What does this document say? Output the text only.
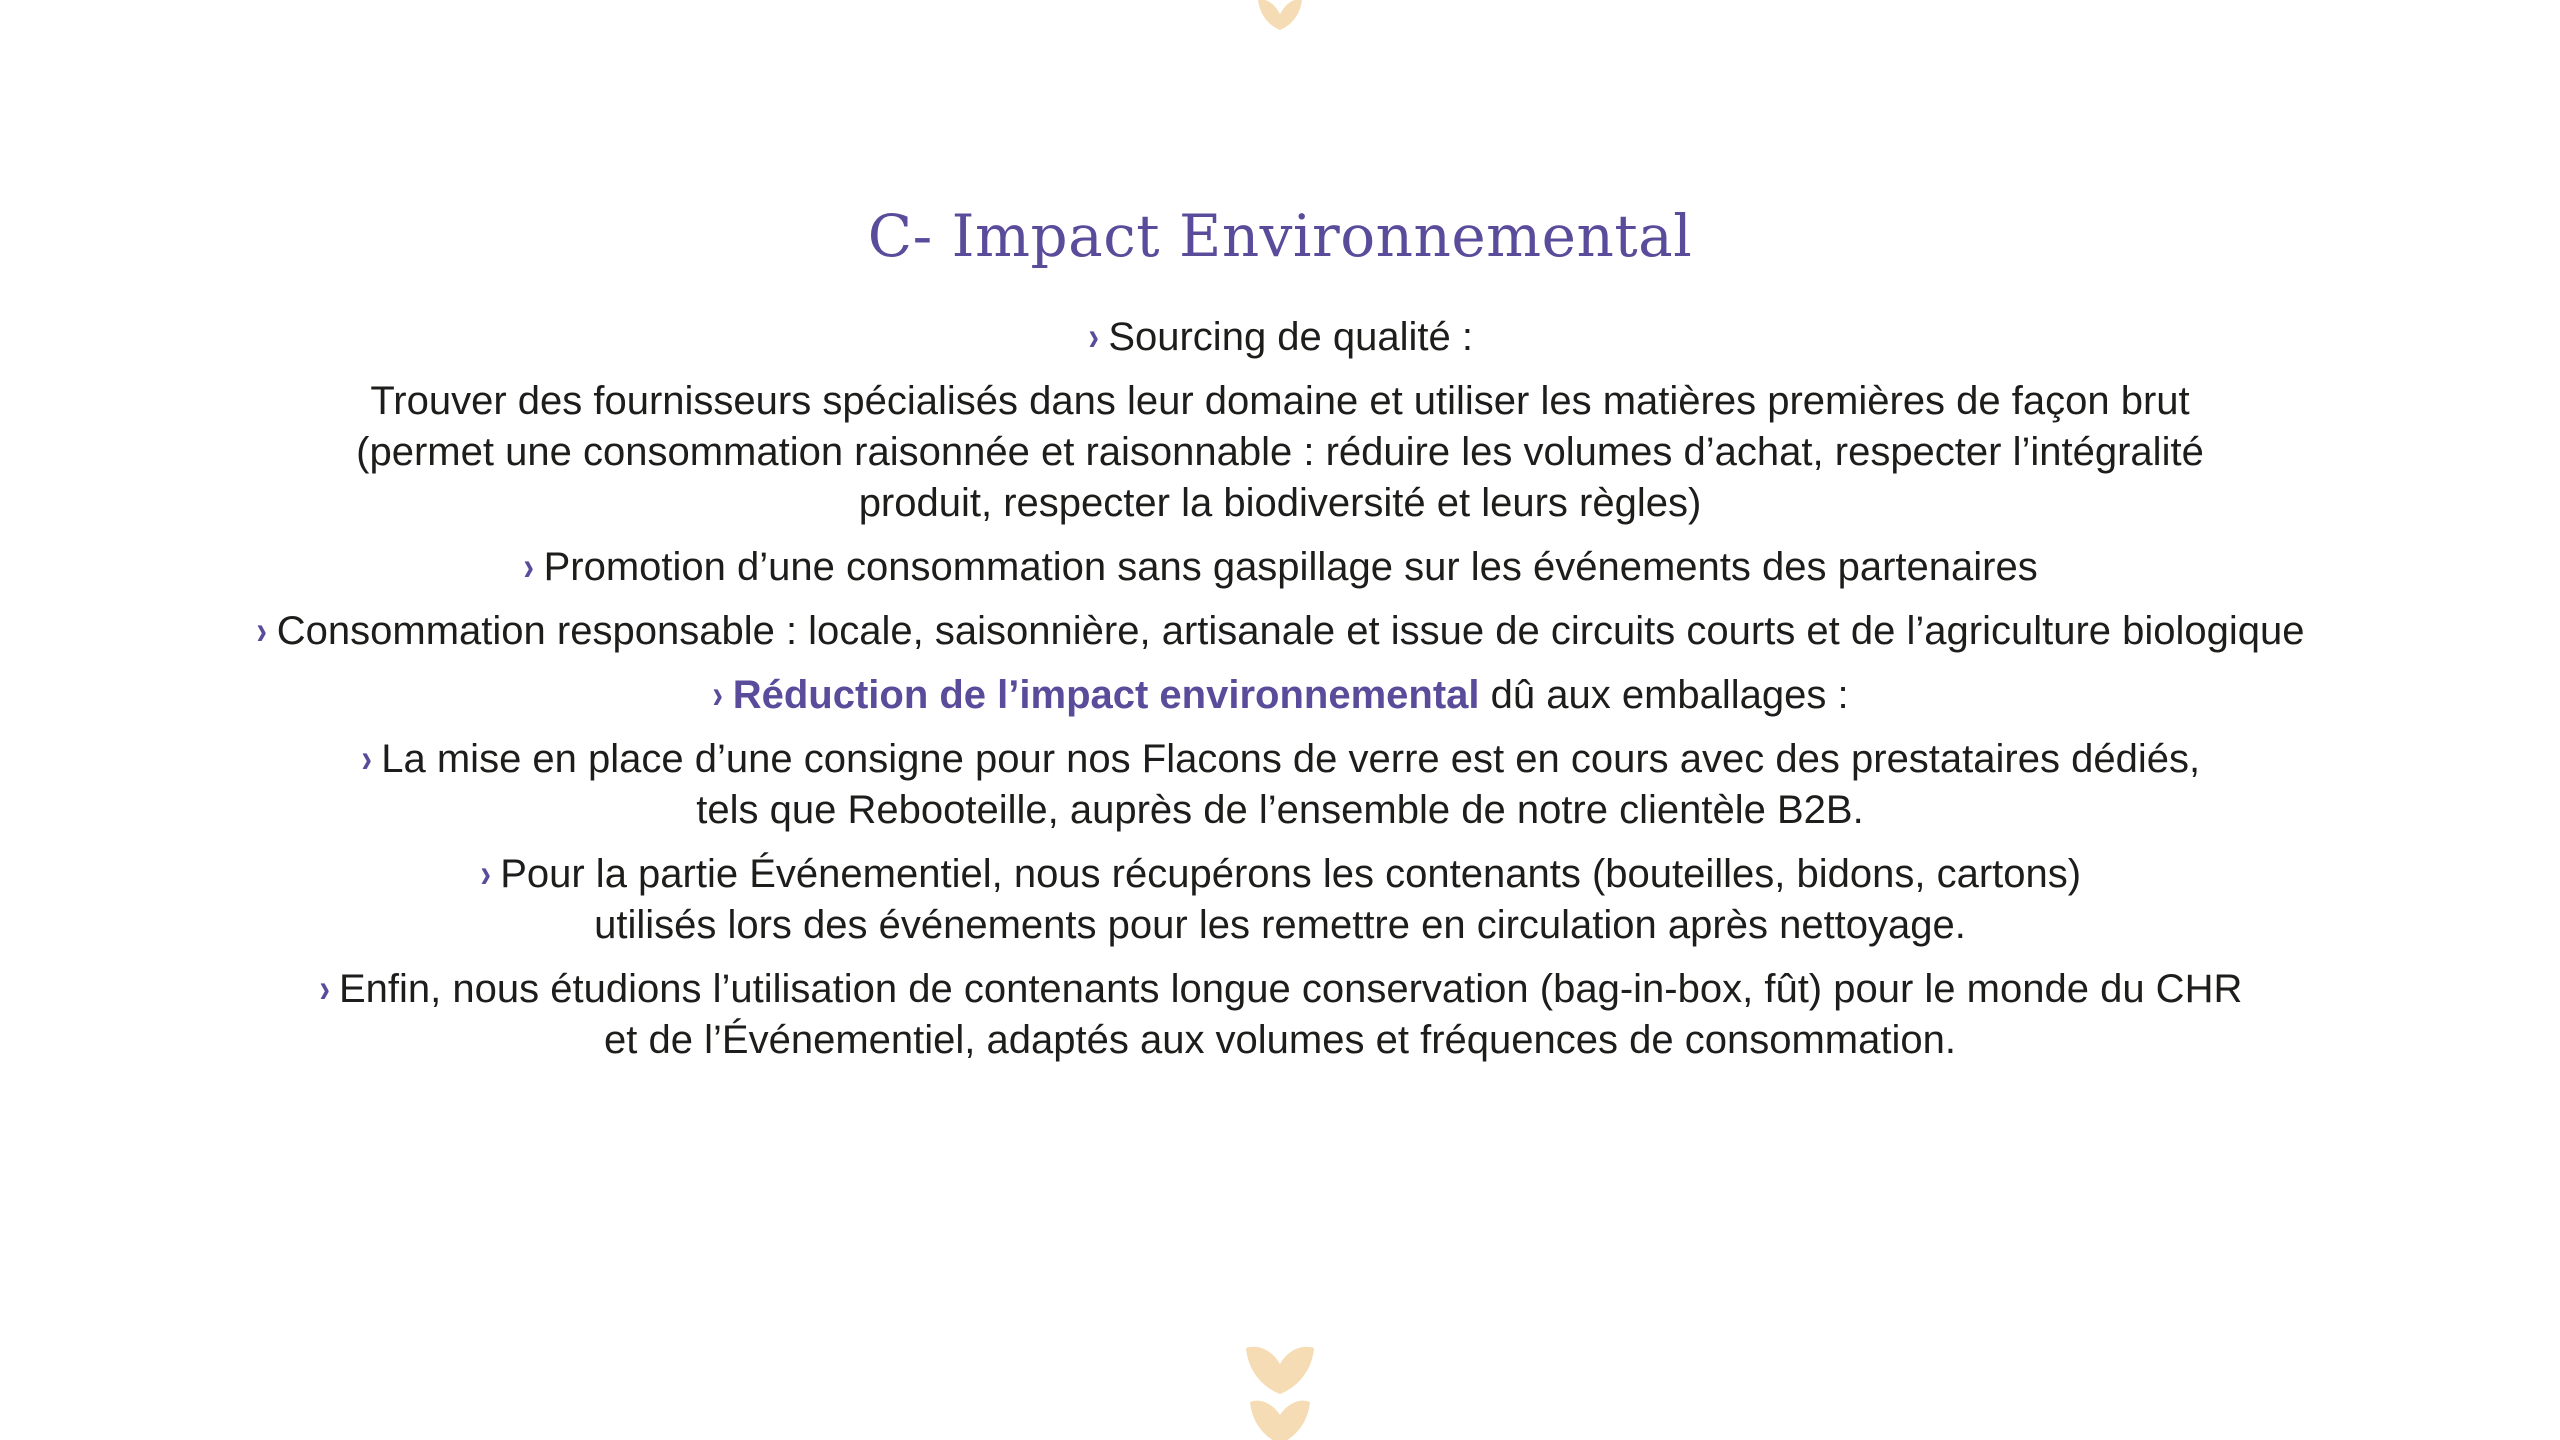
C- Impact Environnemental

› Sourcing de qualité :

Trouver des fournisseurs spécialisés dans leur domaine et utiliser les matières premières de façon brut
(permet une consommation raisonnée et raisonnable : réduire les volumes d’achat, respecter l’intégralité
produit, respecter la biodiversité et leurs règles)

› Promotion d’une consommation sans gaspillage sur les événements des partenaires

› Consommation responsable : locale, saisonnière, artisanale et issue de circuits courts et de l’agriculture biologique

› Réduction de l’impact environnemental dû aux emballages :

› La mise en place d’une consigne pour nos Flacons de verre est en cours avec des prestataires dédiés,
tels que Rebooteille, auprès de l’ensemble de notre clientèle B2B.

› Pour la partie Événementiel, nous récupérons les contenants (bouteilles, bidons, cartons)
utilisés lors des événements pour les remettre en circulation après nettoyage.

› Enfin, nous étudions l’utilisation de contenants longue conservation (bag-in-box, fût) pour le monde du CHR
et de l’Événementiel, adaptés aux volumes et fréquences de consommation.
